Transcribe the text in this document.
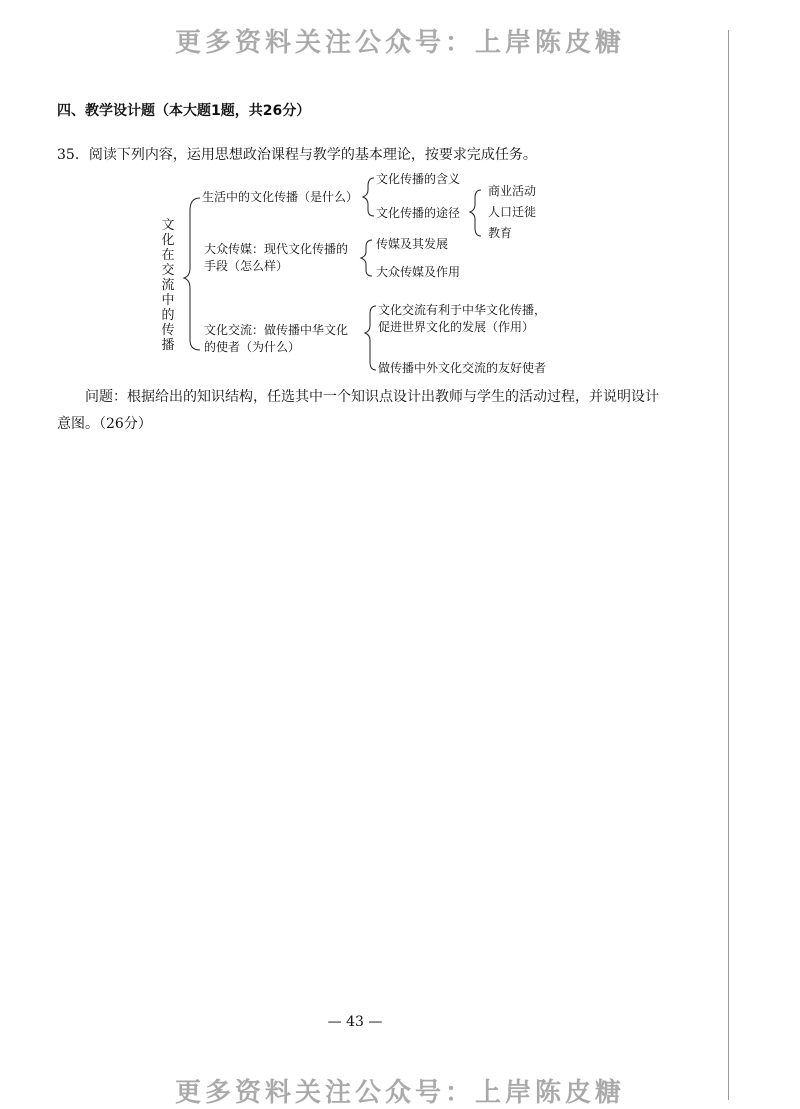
更多资料关注公众号：上岸陈皮糖
四、教学设计题（本大题1题，共26分）
35．阅读下列内容，运用思想政治课程与教学的基本理论，按要求完成任务。
文化在交流中的传播
生活中的文化传播（是什么）
文化传播的含义
文化传播的途径
商业活动
人口迁徙
教育
大众传媒：现代文化传播的
手段（怎么样）
传媒及其发展
大众传媒及作用
文化交流：做传播中华文化
的使者（为什么）
文化交流有利于中华文化传播，
促进世界文化的发展（作用）
做传播中外文化交流的友好使者
问题：根据给出的知识结构，任选其中一个知识点设计出教师与学生的活动过程，并说明设计意图。（26分）
— 43 —
更多资料关注公众号：上岸陈皮糖
